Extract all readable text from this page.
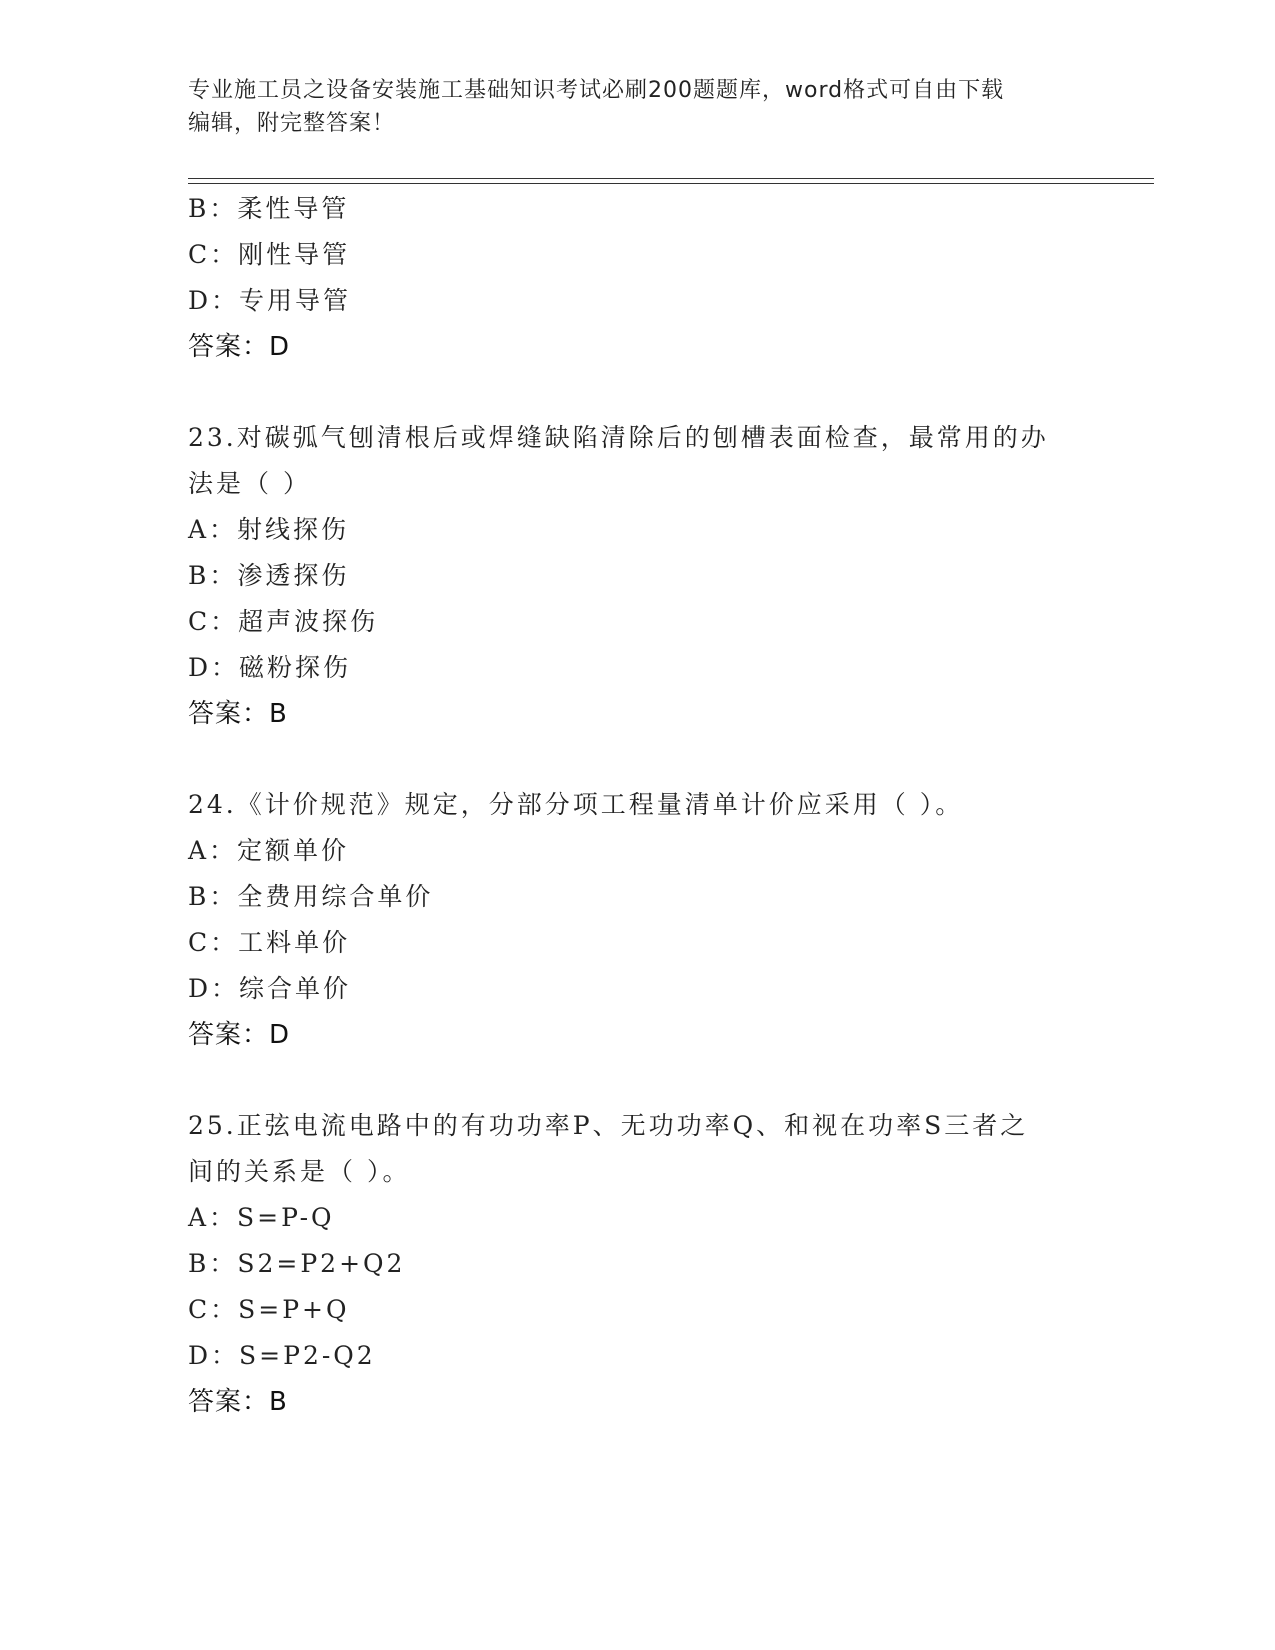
专业施工员之设备安装施工基础知识考试必刷200题题库，word格式可自由下载
编辑，附完整答案！
B：柔性导管
C：刚性导管
D：专用导管
答案：D
23.对碳弧气刨清根后或焊缝缺陷清除后的刨槽表面检查，最常用的办
法是（ ）
A：射线探伤
B：渗透探伤
C：超声波探伤
D：磁粉探伤
答案：B
24.《计价规范》规定，分部分项工程量清单计价应采用（ ）。
A：定额单价
B：全费用综合单价
C：工料单价
D：综合单价
答案：D
25.正弦电流电路中的有功功率P、无功功率Q、和视在功率S三者之
间的关系是（ ）。
A：S=P-Q
B：S2=P2+Q2
C：S=P+Q
D：S=P2-Q2
答案：B
